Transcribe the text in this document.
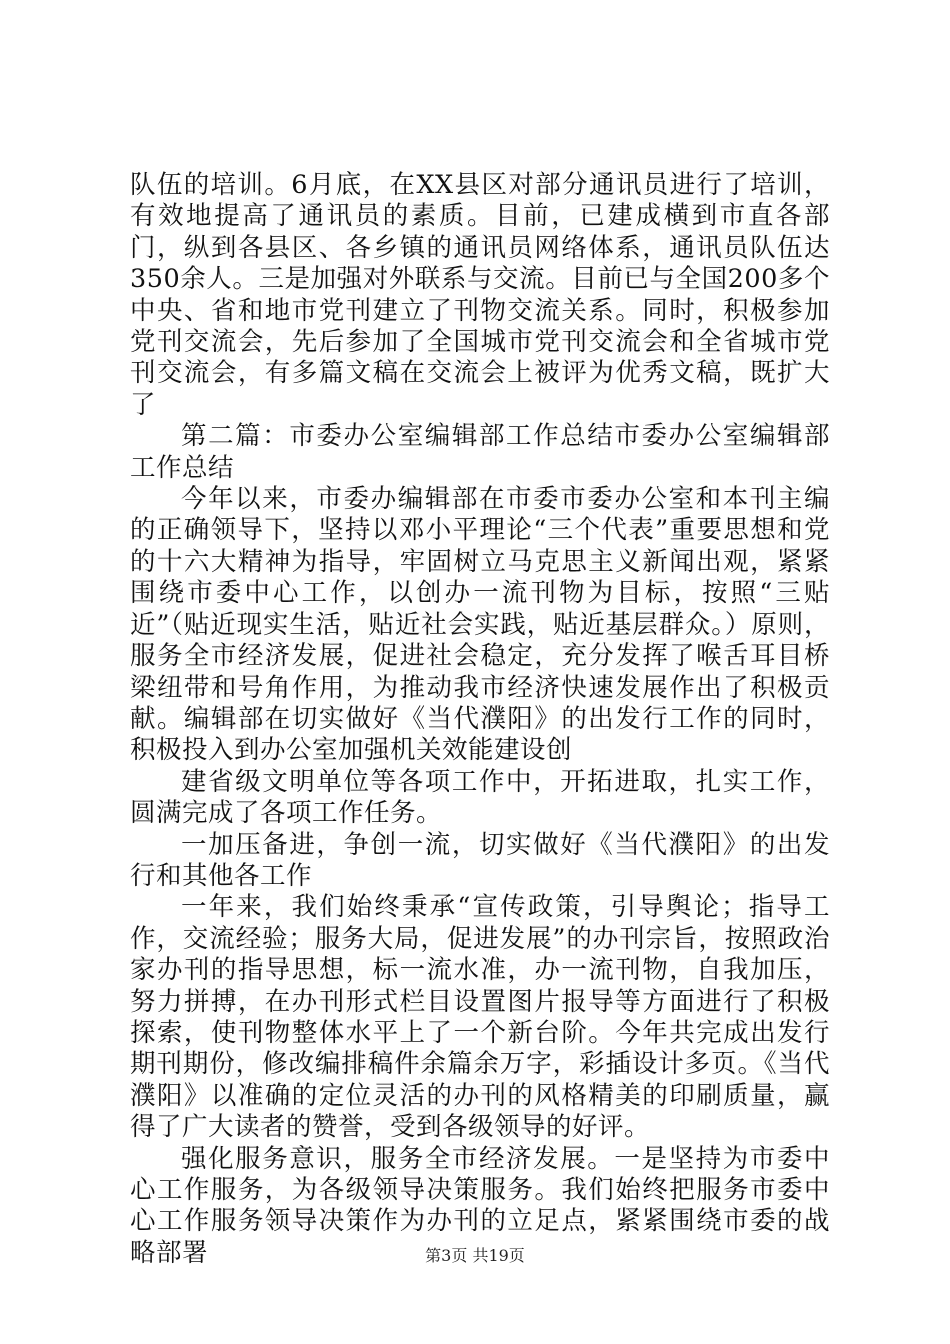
队伍的培训。6月底，在XX县区对部分通讯员进行了培训，有效地提高了通讯员的素质。目前，已建成横到市直各部门，纵到各县区、各乡镇的通讯员网络体系，通讯员队伍达350余人。三是加强对外联系与交流。目前已与全国200多个中央、省和地市党刊建立了刊物交流关系。同时，积极参加党刊交流会，先后参加了全国城市党刊交流会和全省城市党刊交流会，有多篇文稿在交流会上被评为优秀文稿，既扩大了

第二篇：市委办公室编辑部工作总结市委办公室编辑部工作总结

今年以来，市委办编辑部在市委市委办公室和本刊主编的正确领导下，坚持以邓小平理论“三个代表”重要思想和党的十六大精神为指导，牢固树立马克思主义新闻出观，紧紧围绕市委中心工作，以创办一流刊物为目标，按照“三贴近”（贴近现实生活，贴近社会实践，贴近基层群众。）原则，服务全市经济发展，促进社会稳定，充分发挥了喉舌耳目桥梁纽带和号角作用，为推动我市经济快速发展作出了积极贡献。编辑部在切实做好《当代濮阳》的出发行工作的同时，积极投入到办公室加强机关效能建设创

建省级文明单位等各项工作中，开拓进取，扎实工作，圆满完成了各项工作任务。

一加压备进，争创一流，切实做好《当代濮阳》的出发行和其他各工作

一年来，我们始终秉承“宣传政策，引导舆论；指导工作，交流经验；服务大局，促进发展”的办刊宗旨，按照政治家办刊的指导思想，标一流水准，办一流刊物，自我加压，努力拼搏，在办刊形式栏目设置图片报导等方面进行了积极探索，使刊物整体水平上了一个新台阶。今年共完成出发行期刊期份，修改编排稿件余篇余万字，彩插设计多页。《当代濮阳》以准确的定位灵活的办刊的风格精美的印刷质量，赢得了广大读者的赞誉，受到各级领导的好评。

强化服务意识，服务全市经济发展。一是坚持为市委中心工作服务，为各级领导决策服务。我们始终把服务市委中心工作服务领导决策作为办刊的立足点，紧紧围绕市委的战略部署	第3页 共19页
